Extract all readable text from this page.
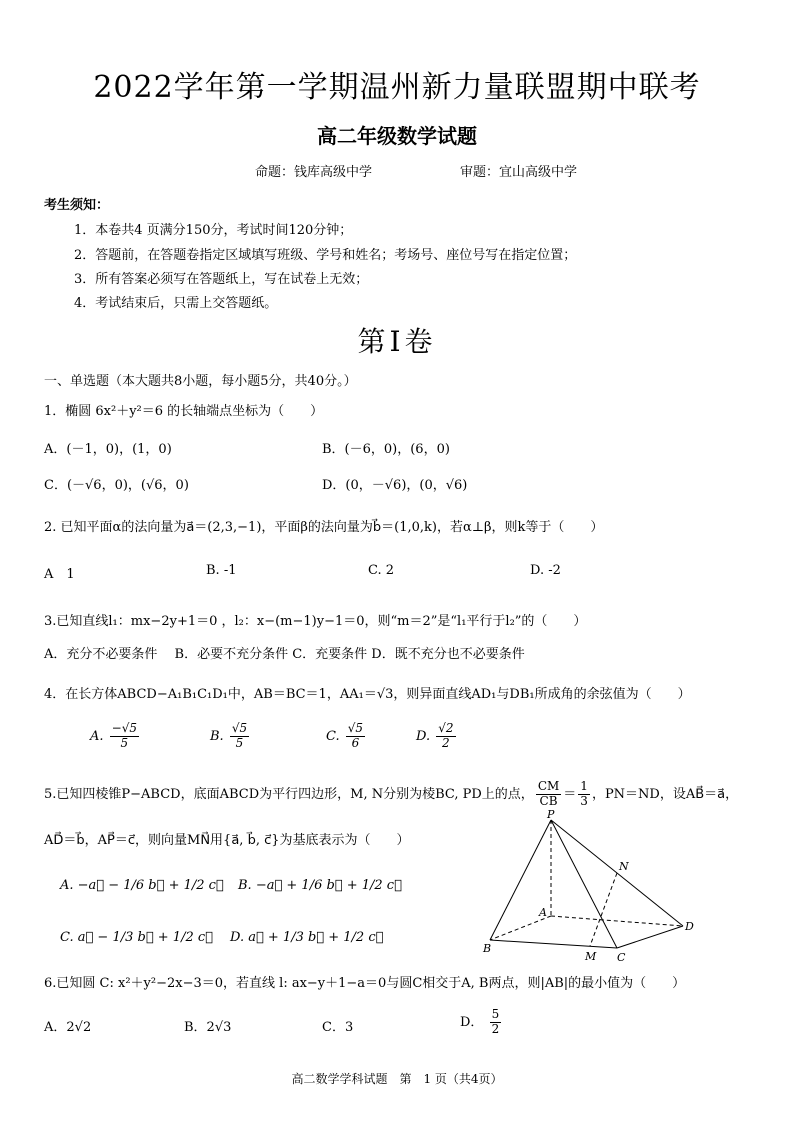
2022学年第一学期温州新力量联盟期中联考
高二年级数学试题
命题：钱库高级中学	审题：宜山高级中学
考生须知：
1．本卷共4 页满分150分，考试时间120分钟；
2．答题前，在答题卷指定区域填写班级、学号和姓名；考场号、座位号写在指定位置；
3．所有答案必须写在答题纸上，写在试卷上无效；
4．考试结束后，只需上交答题纸。
第Ⅰ卷
一、单选题（本大题共8小题，每小题5分，共40分。）
1．椭圆 6x²＋y²＝6 的长轴端点坐标为（　　）
A．(－1，0)，(1，0)	B．(－6，0)，(6，0)
C．(－√6，0)，(√6，0)	D．(0，－√6)，(0，√6)
2. 已知平面α的法向量为a⃗＝(2,3,−1)，平面β的法向量为b⃗＝(1,0,k)，若α⊥β，则k等于（　　）
A　1	B. -1	C. 2	D. -2
3.已知直线l₁：mx−2y+1＝0 ，l₂：x−(m−1)y−1＝0，则“m＝2”是“l₁平行于l₂”的（　　）
A．充分不必要条件　 B．必要不充分条件 C．充要条件 D．既不充分也不必要条件
4．在长方体ABCD−A₁B₁C₁D₁中，AB＝BC＝1，AA₁＝√3，则异面直线AD₁与DB₁所成角的余弦值为（　　）
A. $\frac{-√5}{5}$	B. $\frac{√5}{5}$	C. $\frac{√5}{6}$	D. $\frac{√2}{2}$
5.已知四棱锥P−ABCD，底面ABCD为平行四边形，M, N分别为棱BC, PD上的点， $\frac{CM}{CB} = \frac{1}{3}$ ，PN＝ND，设AB⃗＝a⃗，
AD⃗＝b⃗，AP⃗＝c⃗，则向量MN⃗用{a⃗, b⃗, c⃗}为基底表示为（　　）
A. −a⃗ − 1/6 b⃗ + 1/2 c⃗ B. −a⃗ + 1/6 b⃗ + 1/2 c⃗
C. a⃗ − 1/3 b⃗ + 1/2 c⃗ D. a⃗ + 1/3 b⃗ + 1/2 c⃗
P
N
A
B
C
D
M
6.已知圆 C: x²＋y²−2x−3＝0，若直线 l: ax−y＋1−a＝0与圆C相交于A, B两点，则|AB|的最小值为（　　）
A．2√2	B．2√3	C．3	D． $\frac{5}{2}$
高二数学学科试题　第　1 页（共4页）
